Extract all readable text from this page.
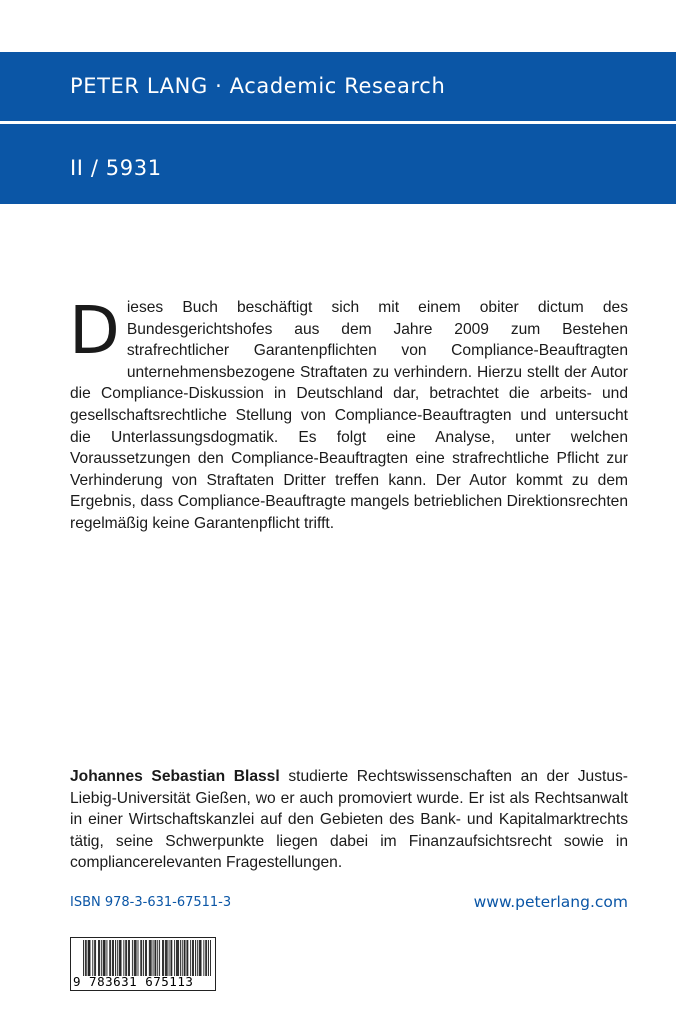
PETER LANG · Academic Research
II / 5931
Dieses Buch beschäftigt sich mit einem obiter dictum des Bundesgerichtshofes aus dem Jahre 2009 zum Bestehen strafrechtlicher Garantenpflichten von Compliance-Beauftragten unternehmensbezogene Straftaten zu verhindern. Hierzu stellt der Autor die Compliance-Diskussion in Deutschland dar, betrachtet die arbeits- und gesellschaftsrechtliche Stellung von Compliance-Beauftragten und untersucht die Unterlassungsdogmatik. Es folgt eine Analyse, unter welchen Voraussetzungen den Compliance-Beauftragten eine strafrechtliche Pflicht zur Verhinderung von Straftaten Dritter treffen kann. Der Autor kommt zu dem Ergebnis, dass Compliance-Beauftragte mangels betrieblichen Direktionsrechten regelmäßig keine Garantenpflicht trifft.
Johannes Sebastian Blassl studierte Rechtswissenschaften an der Justus-Liebig-Universität Gießen, wo er auch promoviert wurde. Er ist als Rechtsanwalt in einer Wirtschaftskanzlei auf den Gebieten des Bank- und Kapitalmarktrechts tätig, seine Schwerpunkte liegen dabei im Finanzaufsichtsrecht sowie in compliancerelevanten Fragestellungen.
ISBN 978-3-631-67511-3	www.peterlang.com
9 783631 675113
